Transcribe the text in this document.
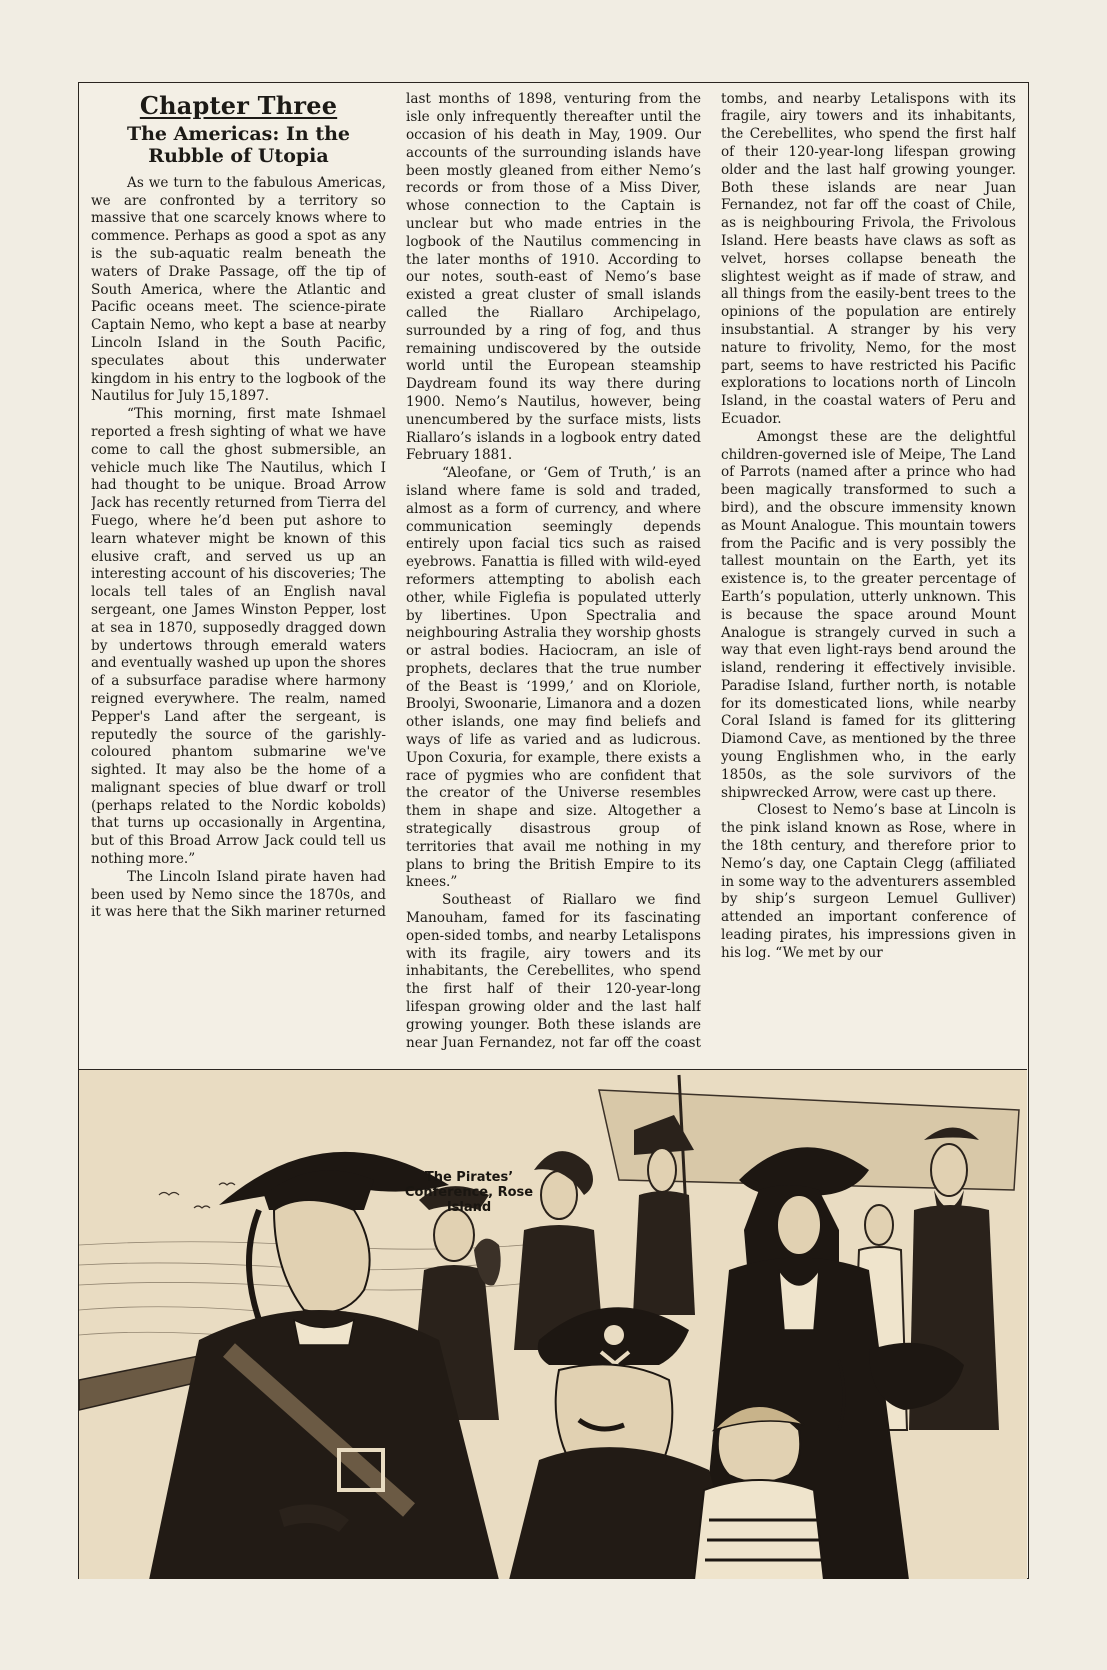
Chapter Three
The Americas: In the Rubble of Utopia

As we turn to the fabulous Americas, we are confronted by a territory so massive that one scarcely knows where to commence. Perhaps as good a spot as any is the sub-aquatic realm beneath the waters of Drake Passage, off the tip of South America, where the Atlantic and Pacific oceans meet. The science-pirate Captain Nemo, who kept a base at nearby Lincoln Island in the South Pacific, speculates about this underwater kingdom in his entry to the logbook of the Nautilus for July 15,1897.

“This morning, first mate Ishmael reported a fresh sighting of what we have come to call the ghost submersible, an vehicle much like The Nautilus, which I had thought to be unique. Broad Arrow Jack has recently returned from Tierra del Fuego, where he’d been put ashore to learn whatever might be known of this elusive craft, and served us up an interesting account of his discoveries; The locals tell tales of an English naval sergeant, one James Winston Pepper, lost at sea in 1870, supposedly dragged down by undertows through emerald waters and eventually washed up upon the shores of a subsurface paradise where harmony reigned everywhere. The realm, named Pepper's Land after the sergeant, is reputedly the source of the garishly-coloured phantom submarine we've sighted. It may also be the home of a malignant species of blue dwarf or troll (perhaps related to the Nordic kobolds) that turns up occasionally in Argentina, but of this Broad Arrow Jack could tell us nothing more.”

The Lincoln Island pirate haven had been used by Nemo since the 1870s, and it was here that the Sikh mariner returned

last months of 1898, venturing from the isle only infrequently thereafter until the occasion of his death in May, 1909. Our accounts of the surrounding islands have been mostly gleaned from either Nemo’s records or from those of a Miss Diver, whose connection to the Captain is unclear but who made entries in the logbook of the Nautilus commencing in the later months of 1910. According to our notes, south-east of Nemo’s base existed a great cluster of small islands called the Riallaro Archipelago, surrounded by a ring of fog, and thus remaining undiscovered by the outside world until the European steamship Daydream found its way there during 1900. Nemo’s Nautilus, however, being unencumbered by the surface mists, lists Riallaro’s islands in a logbook entry dated February 1881.

“Aleofane, or ‘Gem of Truth,’ is an island where fame is sold and traded, almost as a form of currency, and where communication seemingly depends entirely upon facial tics such as raised eyebrows. Fanattia is filled with wild-eyed reformers attempting to abolish each other, while Figlefia is populated utterly by libertines. Upon Spectralia and neighbouring Astralia they worship ghosts or astral bodies. Haciocram, an isle of prophets, declares that the true number of the Beast is ‘1999,’ and on Kloriole, Broolyi, Swoonarie, Limanora and a dozen other islands, one may find beliefs and ways of life as varied and as ludicrous. Upon Coxuria, for example, there exists a race of pygmies who are confident that the creator of the Universe resembles them in shape and size. Altogether a strategically disastrous group of territories that avail me nothing in my plans to bring the British Empire to its knees.”

Southeast of Riallaro we find Manouham, famed for its fascinating open-sided tombs, and nearby Letalispons with its fragile, airy towers and its inhabitants, the Cerebellites, who spend the first half of their 120-year-long lifespan growing older and the last half growing younger. Both these islands are near Juan Fernandez, not far off the coast

tombs, and nearby Letalispons with its fragile, airy towers and its inhabitants, the Cerebellites, who spend the first half of their 120-year-long lifespan growing older and the last half growing younger. Both these islands are near Juan Fernandez, not far off the coast of Chile, as is neighbouring Frivola, the Frivolous Island. Here beasts have claws as soft as velvet, horses collapse beneath the slightest weight as if made of straw, and all things from the easily-bent trees to the opinions of the population are entirely insubstantial. A stranger by his very nature to frivolity, Nemo, for the most part, seems to have restricted his Pacific explorations to locations north of Lincoln Island, in the coastal waters of Peru and Ecuador.

Amongst these are the delightful children-governed isle of Meipe, The Land of Parrots (named after a prince who had been magically transformed to such a bird), and the obscure immensity known as Mount Analogue. This mountain towers from the Pacific and is very possibly the tallest mountain on the Earth, yet its existence is, to the greater percentage of Earth’s population, utterly unknown. This is because the space around Mount Analogue is strangely curved in such a way that even light-rays bend around the island, rendering it effectively invisible. Paradise Island, further north, is notable for its domesticated lions, while nearby Coral Island is famed for its glittering Diamond Cave, as mentioned by the three young Englishmen who, in the early 1850s, as the sole survivors of the shipwrecked Arrow, were cast up there.

Closest to Nemo’s base at Lincoln is the pink island known as Rose, where in the 18th century, and therefore prior to Nemo’s day, one Captain Clegg (affiliated in some way to the adventurers assembled by ship’s surgeon Lemuel Gulliver) attended an important conference of leading pirates, his impressions given in his log. “We met by our

The Pirates’ Conference, Rose Island
